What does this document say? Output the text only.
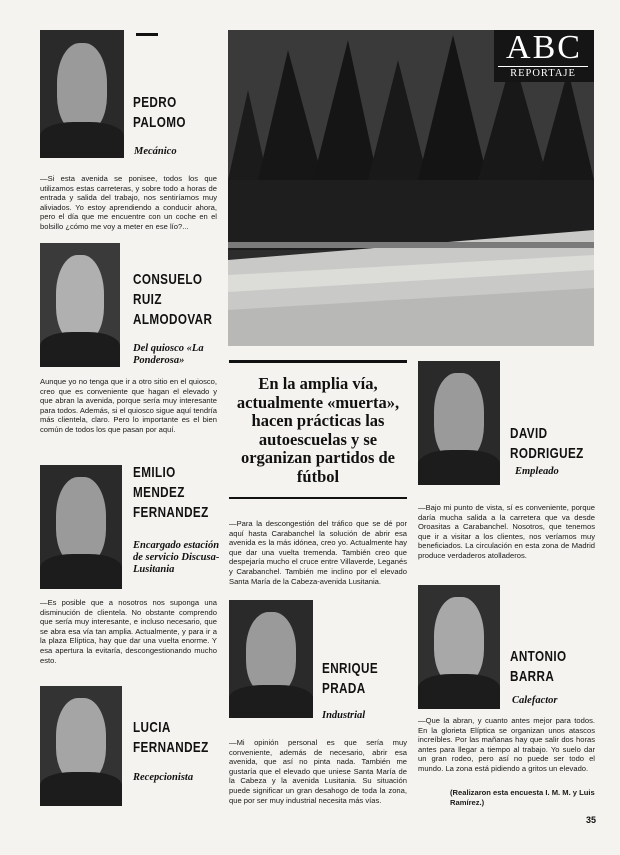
PEDRO
PALOMO
Mecánico
—Si esta avenida se ponisee, todos los que utilizamos estas carreteras, y sobre todo a horas de entrada y salida del trabajo, nos sentiríamos muy aliviados. Yo estoy aprendiendo a conducir ahora, pero el día que me encuentre con un coche en el bolsillo ¿cómo me voy a meter en ese lío?...
CONSUELO
RUIZ
ALMODOVAR
Del quiosco «La Ponderosa»
Aunque yo no tenga que ir a otro sitio en el quiosco, creo que es conveniente que hagan el elevado y que abran la avenida, porque sería muy interesante para todos. Además, si el quiosco sigue aquí tendría más clientela, claro. Pero lo importante es el bien común de todos los que pasan por aquí.
EMILIO
MENDEZ
FERNANDEZ
Encargado estación de servicio Discusa-Lusitania
—Es posible que a nosotros nos suponga una disminución de clientela. No obstante comprendo que sería muy interesante, e incluso necesario, que se abra esa vía tan amplia. Actualmente, y para ir a la plaza Elíptica, hay que dar una vuelta enorme. Y esa apertura la evitaría, descongestionando mucho esto.
LUCIA
FERNANDEZ
Recepcionista
ABC
REPORTAJE
En la amplia vía, actualmente «muerta», hacen prácticas las autoescuelas y se organizan partidos de fútbol
—Para la descongestión del tráfico que se dé por aquí hasta Carabanchel la solución de abrir esa avenida es la más idónea, creo yo. Actualmente hay que dar una vuelta tremenda. También creo que despejaría mucho el cruce entre Villaverde, Leganés y Carabanchel. También me inclino por el elevado Santa María de la Cabeza-avenida Lusitania.
DAVID
RODRIGUEZ
Empleado
—Bajo mi punto de vista, sí es conveniente, porque daría mucha salida a la carretera que va desde Oroasitas a Carabanchel. Nosotros, que tenemos que ir a visitar a los clientes, nos veríamos muy beneficiados. La circulación en esta zona de Madrid produce verdaderos atolladeros.
ENRIQUE
PRADA
Industrial
—Mi opinión personal es que sería muy conveniente, además de necesario, abrir esa avenida, que así no pinta nada. También me gustaría que el elevado que uniese Santa María de la Cabeza y la avenida Lusitania. Su situación puede significar un gran desahogo de toda la zona, que por ser muy industrial necesita más vías.
ANTONIO
BARRA
Calefactor
—Que la abran, y cuanto antes mejor para todos. En la glorieta Elíptica se organizan unos atascos increíbles. Por las mañanas hay que salir dos horas antes para llegar a tiempo al trabajo. Yo suelo dar un gran rodeo, pero así no puede ser todo el mundo. La zona está pidiendo a gritos un elevado.
(Realizaron esta encuesta I. M. M. y Luis Ramírez.)
35
